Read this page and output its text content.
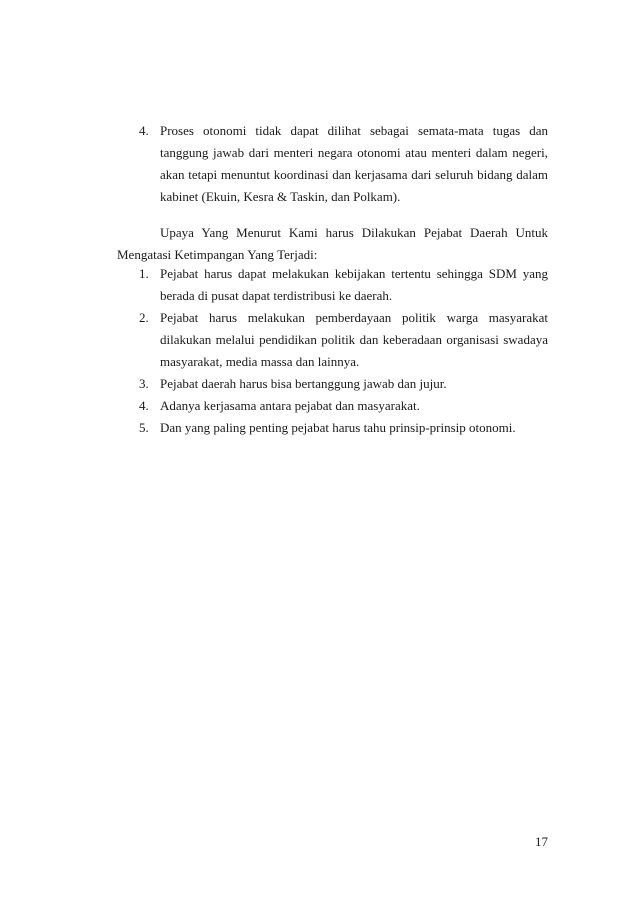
4. Proses otonomi tidak dapat dilihat sebagai semata-mata tugas dan tanggung jawab dari menteri negara otonomi atau menteri dalam negeri, akan tetapi menuntut koordinasi dan kerjasama dari seluruh bidang dalam kabinet (Ekuin, Kesra & Taskin, dan Polkam).

Upaya Yang Menurut Kami harus Dilakukan Pejabat Daerah Untuk Mengatasi Ketimpangan Yang Terjadi:

1. Pejabat harus dapat melakukan kebijakan tertentu sehingga SDM yang berada di pusat dapat terdistribusi ke daerah.
2. Pejabat harus melakukan pemberdayaan politik warga masyarakat dilakukan melalui pendidikan politik dan keberadaan organisasi swadaya masyarakat, media massa dan lainnya.
3. Pejabat daerah harus bisa bertanggung jawab dan jujur.
4. Adanya kerjasama antara pejabat dan masyarakat.
5. Dan yang paling penting pejabat harus tahu prinsip-prinsip otonomi.
17
